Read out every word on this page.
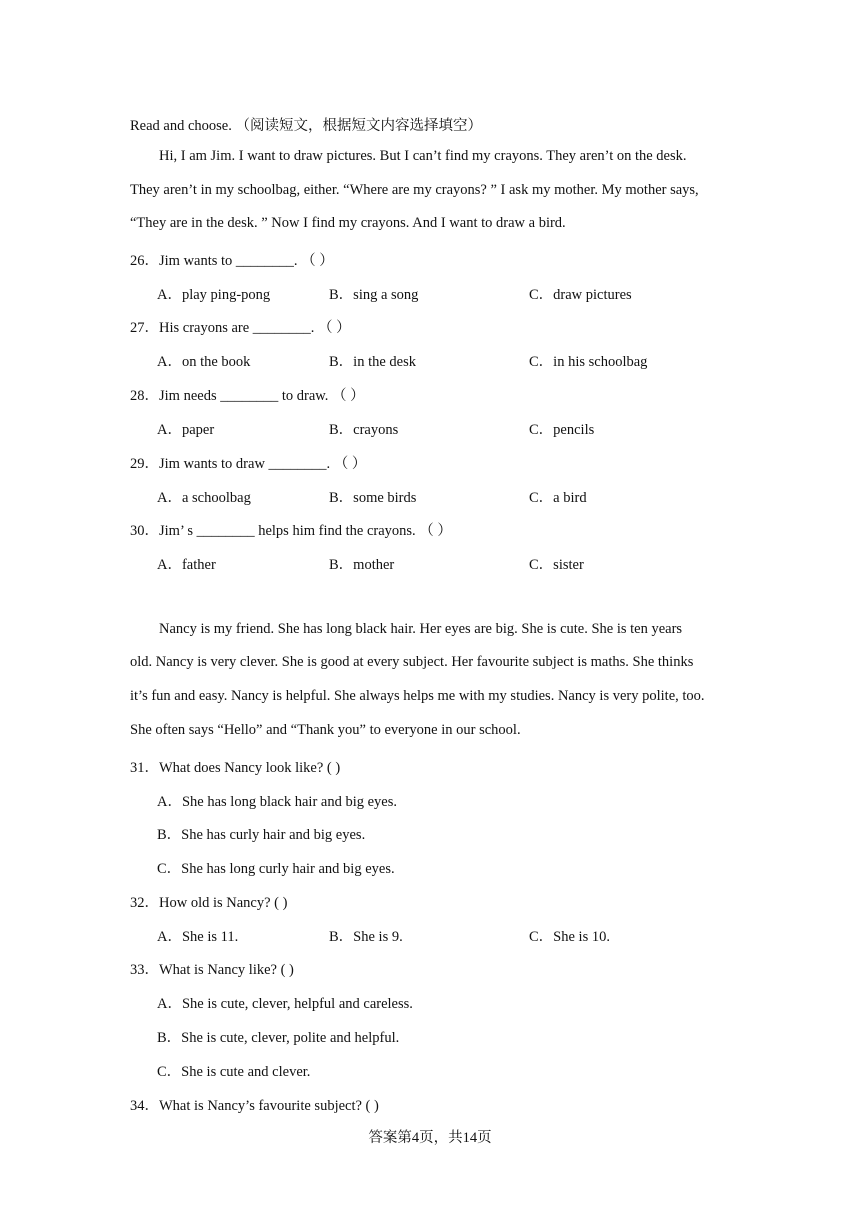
Read and choose. （阅读短文，根据短文内容选择填空）
Hi, I am Jim. I want to draw pictures. But I can’t find my crayons. They aren’t on the desk.
They aren’t in my schoolbag, either. “Where are my crayons? ” I ask my mother. My mother says,
“They are in the desk. ” Now I find my crayons. And I want to draw a bird.
26．Jim wants to ________. （ ）
A．play ping-pong	B．sing a song	C．draw pictures
27．His crayons are ________. （ ）
A．on the book	B．in the desk	C．in his schoolbag
28．Jim needs ________ to draw. （ ）
A．paper	B．crayons	C．pencils
29．Jim wants to draw ________. （ ）
A．a schoolbag	B．some birds	C．a bird
30．Jim’ s ________ helps him find the crayons. （ ）
A．father	B．mother	C．sister
Nancy is my friend. She has long black hair. Her eyes are big. She is cute. She is ten years
old. Nancy is very clever. She is good at every subject. Her favourite subject is maths. She thinks
it’s fun and easy. Nancy is helpful. She always helps me with my studies. Nancy is very polite, too.
She often says “Hello” and “Thank you” to everyone in our school.
31．What does Nancy look like? ( )
A．She has long black hair and big eyes.
B．She has curly hair and big eyes.
C．She has long curly hair and big eyes.
32．How old is Nancy? ( )
A．She is 11.	B．She is 9.	C．She is 10.
33．What is Nancy like? ( )
A．She is cute, clever, helpful and careless.
B．She is cute, clever, polite and helpful.
C．She is cute and clever.
34．What is Nancy’s favourite subject? ( )
答案第4页，共14页
